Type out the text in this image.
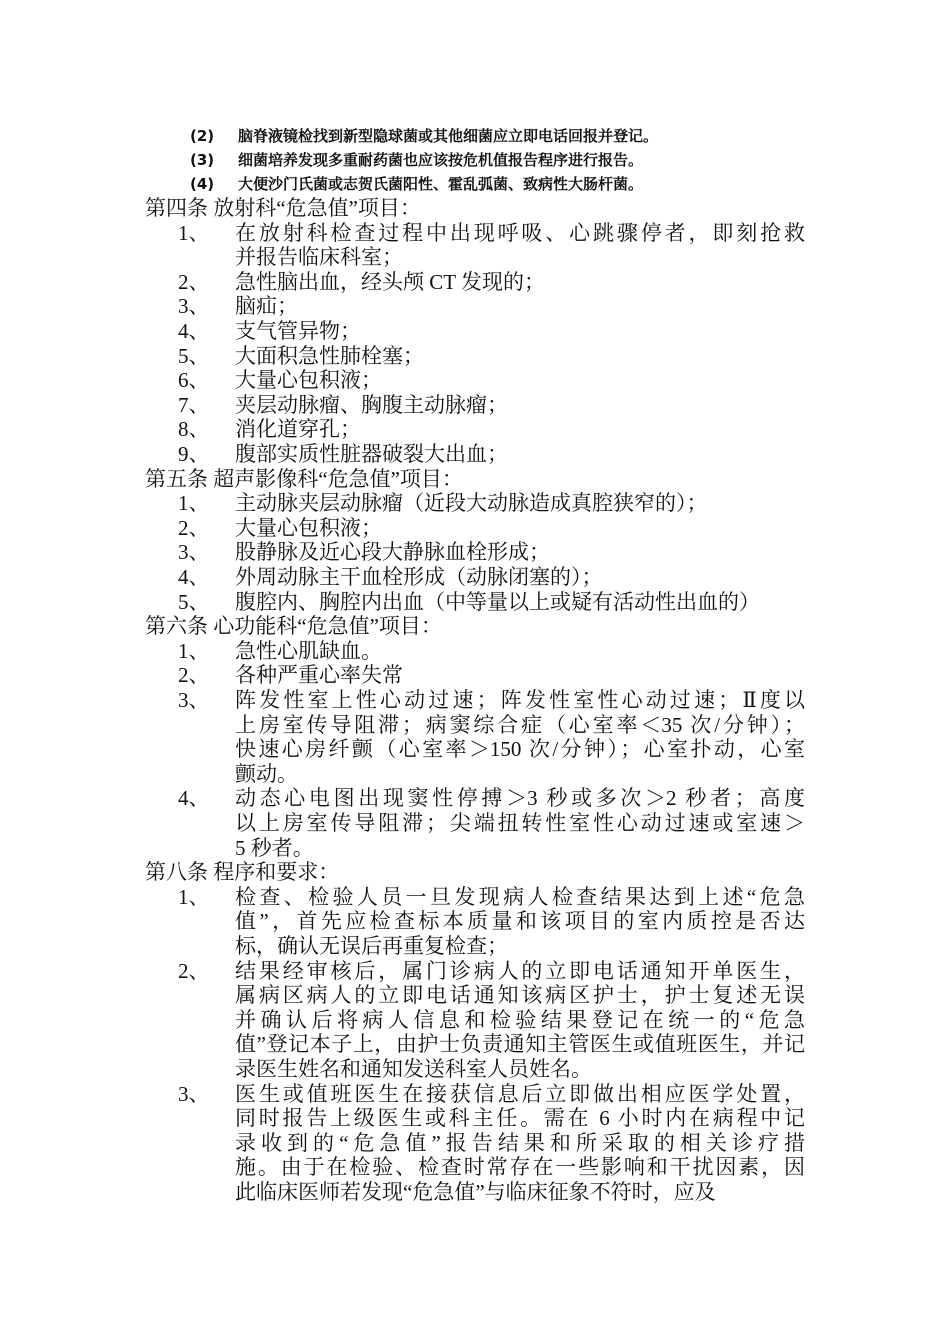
(2) 脑脊液镜检找到新型隐球菌或其他细菌应立即电话回报并登记。
(3) 细菌培养发现多重耐药菌也应该按危机值报告程序进行报告。
(4) 大便沙门氏菌或志贺氏菌阳性、霍乱弧菌、致病性大肠杆菌。
第四条 放射科“危急值”项目：
1、 在放射科检查过程中出现呼吸、心跳骤停者，即刻抢救
并报告临床科室；
2、 急性脑出血，经头颅 CT 发现的；
3、 脑疝；
4、 支气管异物；
5、 大面积急性肺栓塞；
6、 大量心包积液；
7、 夹层动脉瘤、胸腹主动脉瘤；
8、 消化道穿孔；
9、 腹部实质性脏器破裂大出血；
第五条 超声影像科“危急值”项目：
1、 主动脉夹层动脉瘤（近段大动脉造成真腔狭窄的）；
2、 大量心包积液；
3、 股静脉及近心段大静脉血栓形成；
4、 外周动脉主干血栓形成（动脉闭塞的）；
5、 腹腔内、胸腔内出血（中等量以上或疑有活动性出血的）
第六条 心功能科“危急值”项目：
1、 急性心肌缺血。
2、 各种严重心率失常
3、 阵发性室上性心动过速；阵发性室性心动过速；Ⅱ度以
上房室传导阻滞；病窦综合症（心室率＜35 次/分钟）；
快速心房纤颤（心室率＞150 次/分钟）；心室扑动，心室
颤动。
4、 动态心电图出现窦性停搏＞3 秒或多次＞2 秒者；高度
以上房室传导阻滞；尖端扭转性室性心动过速或室速＞
5 秒者。
第八条 程序和要求：
1、 检查、检验人员一旦发现病人检查结果达到上述“危急
值”，首先应检查标本质量和该项目的室内质控是否达
标，确认无误后再重复检查；
2、 结果经审核后，属门诊病人的立即电话通知开单医生，
属病区病人的立即电话通知该病区护士，护士复述无误
并确认后将病人信息和检验结果登记在统一的“危急
值”登记本子上，由护士负责通知主管医生或值班医生，并记
录医生姓名和通知发送科室人员姓名。
3、 医生或值班医生在接获信息后立即做出相应医学处置，
同时报告上级医生或科主任。需在 6 小时内在病程中记
录收到的“危急值”报告结果和所采取的相关诊疗措
施。由于在检验、检查时常存在一些影响和干扰因素，因
此临床医师若发现“危急值”与临床征象不符时，应及
